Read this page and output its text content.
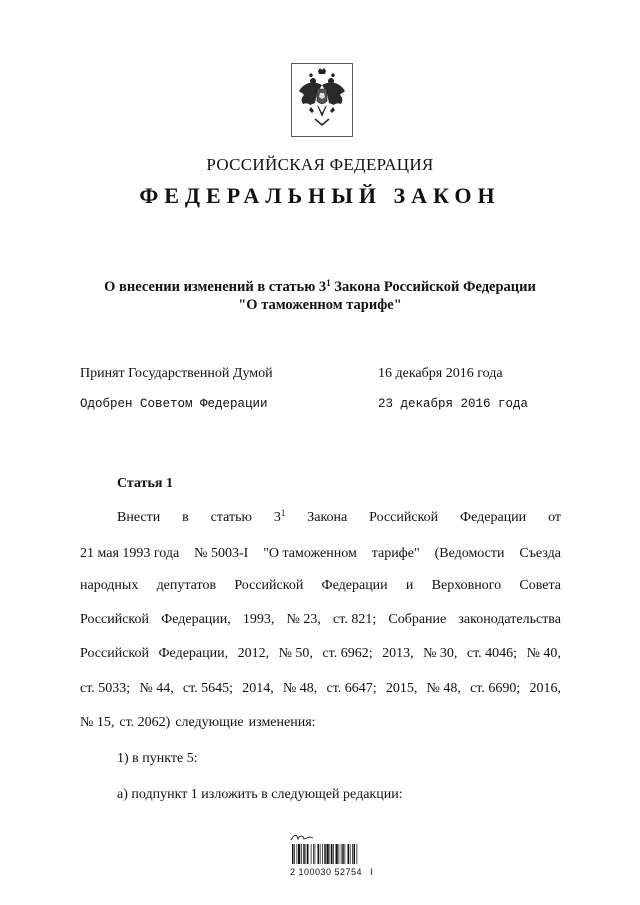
РОССИЙСКАЯ ФЕДЕРАЦИЯ
ФЕДЕРАЛЬНЫЙ ЗАКОН
О внесении изменений в статью $3^1$ Закона Российской Федерации
"О таможенном тарифе"
Принят Государственной Думой	16 декабря 2016 года
Одобрен Советом Федерации	23 декабря 2016 года
Статья 1
Внести в статью $3^1$ Закона Российской Федерации от
21 мая 1993 года № 5003-I "О таможенном тарифе" (Ведомости Съезда
народных депутатов Российской Федерации и Верховного Совета
Российской Федерации, 1993, № 23, ст. 821; Собрание законодательства
Российской Федерации, 2012, № 50, ст. 6962; 2013, № 30, ст. 4046; № 40,
ст. 5033; № 44, ст. 5645; 2014, № 48, ст. 6647; 2015, № 48, ст. 6690; 2016,
№ 15, ст. 2062) следующие изменения:
1) в пункте 5:
а) подпункт 1 изложить в следующей редакции:
2 100030 52754 I
